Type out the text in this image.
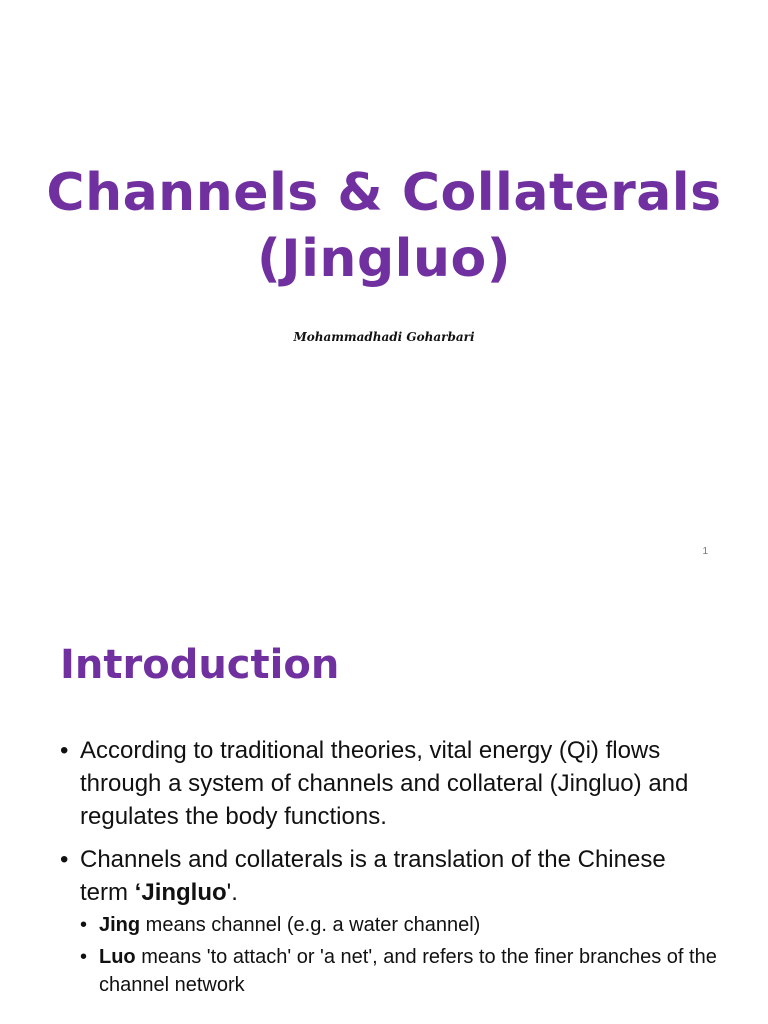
Channels & Collaterals
(Jingluo)
Mohammadhadi Goharbari
1
Introduction
• According to traditional theories, vital energy (Qi) flows through a system of channels and collateral (Jingluo) and regulates the body functions.
• Channels and collaterals is a translation of the Chinese term ‘Jingluo'.
• Jing means channel (e.g. a water channel)
• Luo means 'to attach' or 'a net', and refers to the finer branches of the channel network
